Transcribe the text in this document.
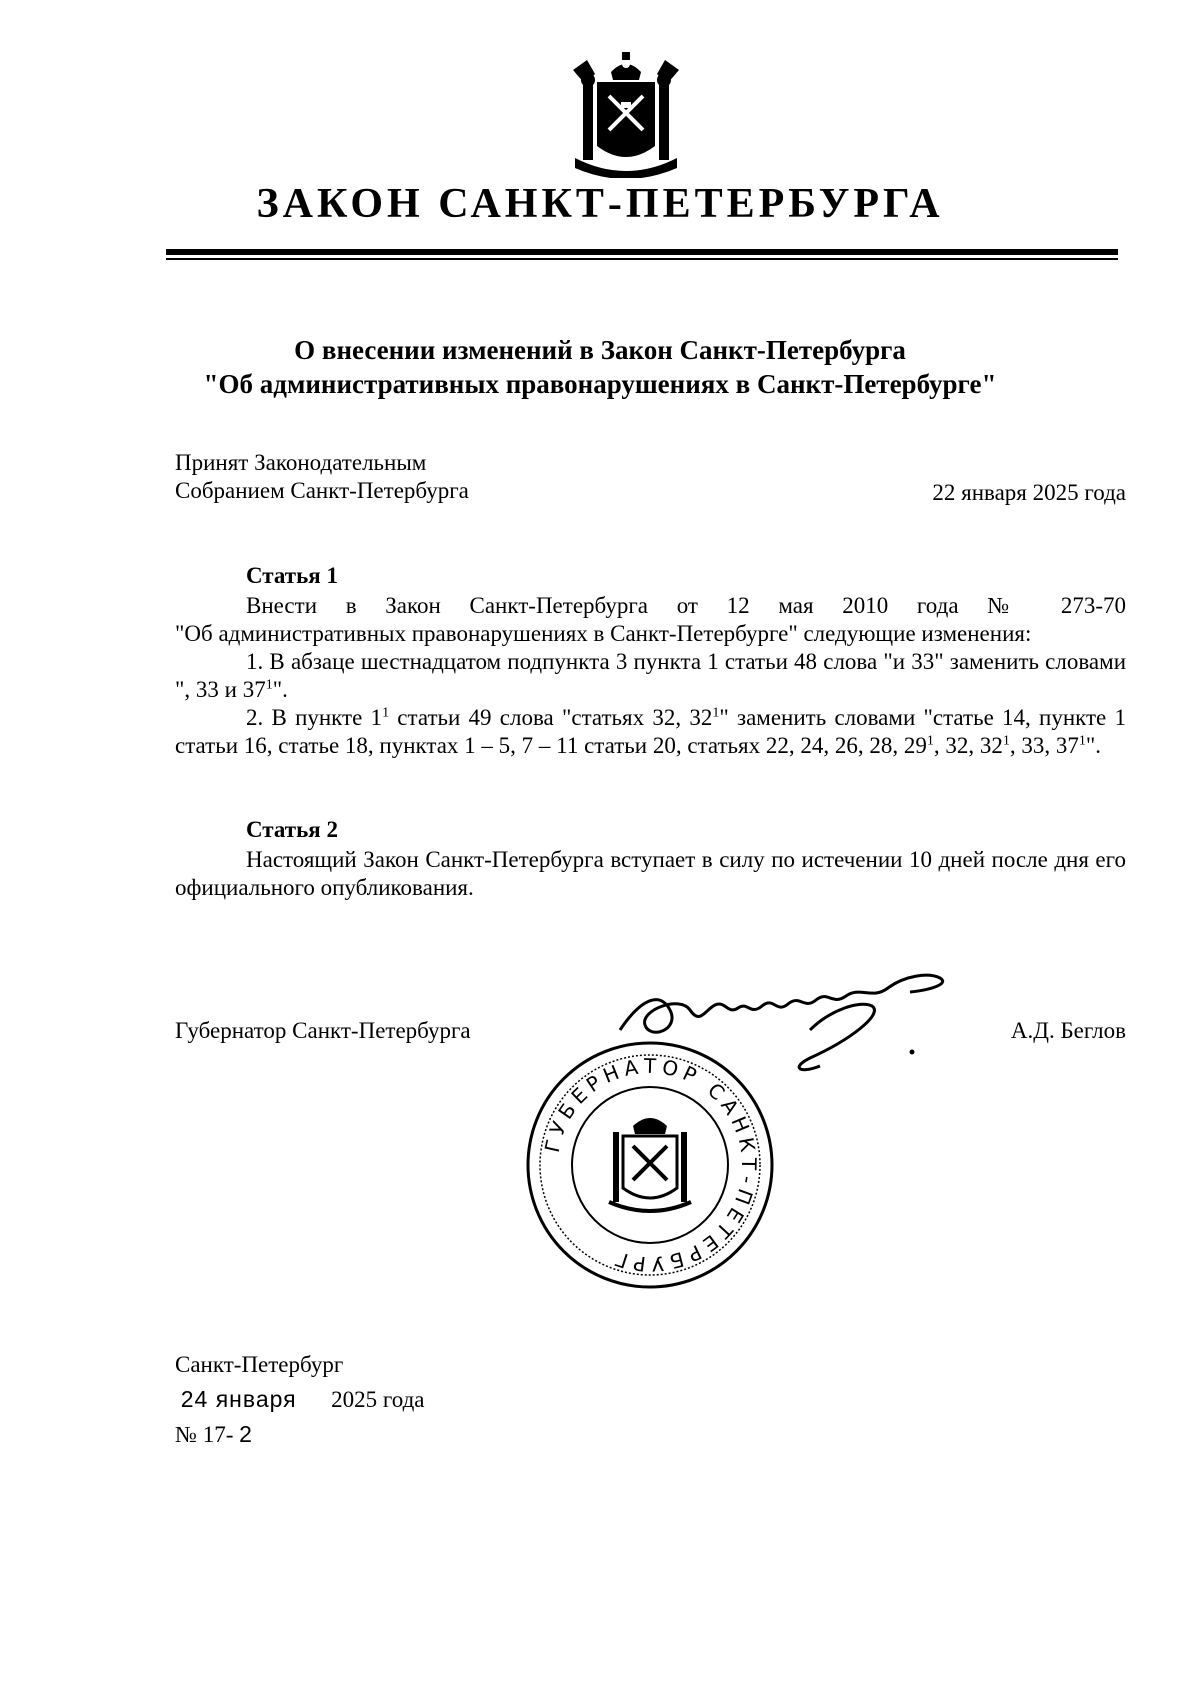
ЗАКОН САНКТ-ПЕТЕРБУРГА
О внесении изменений в Закон Санкт-Петербурга
"Об административных правонарушениях в Санкт-Петербурге"
Принят Законодательным
Собранием Санкт-Петербурга	22 января 2025 года
Статья 1

Внести в Закон Санкт-Петербурга от 12 мая 2010 года № 273-70

"Об административных правонарушениях в Санкт-Петербурге" следующие изменения:

1. В абзаце шестнадцатом подпункта 3 пункта 1 статьи 48 слова "и 33" заменить словами ", 33 и $37^1$".

2. В пункте $1^1$ статьи 49 слова "статьях 32, $32^1$" заменить словами "статье 14, пункте 1 статьи 16, статье 18, пунктах 1 – 5, 7 – 11 статьи 20, статьях 22, 24, 26, 28, $29^1$, 32, $32^1$, 33, $37^1$".

Статья 2

Настоящий Закон Санкт-Петербурга вступает в силу по истечении 10 дней после дня его официального опубликования.

Губернатор Санкт-Петербурга	А.Д. Беглов
ГУБЕРНАТОР САНКТ-ПЕТЕРБУРГ
Санкт-Петербург
24 января 2025 года
№ 17- 2
